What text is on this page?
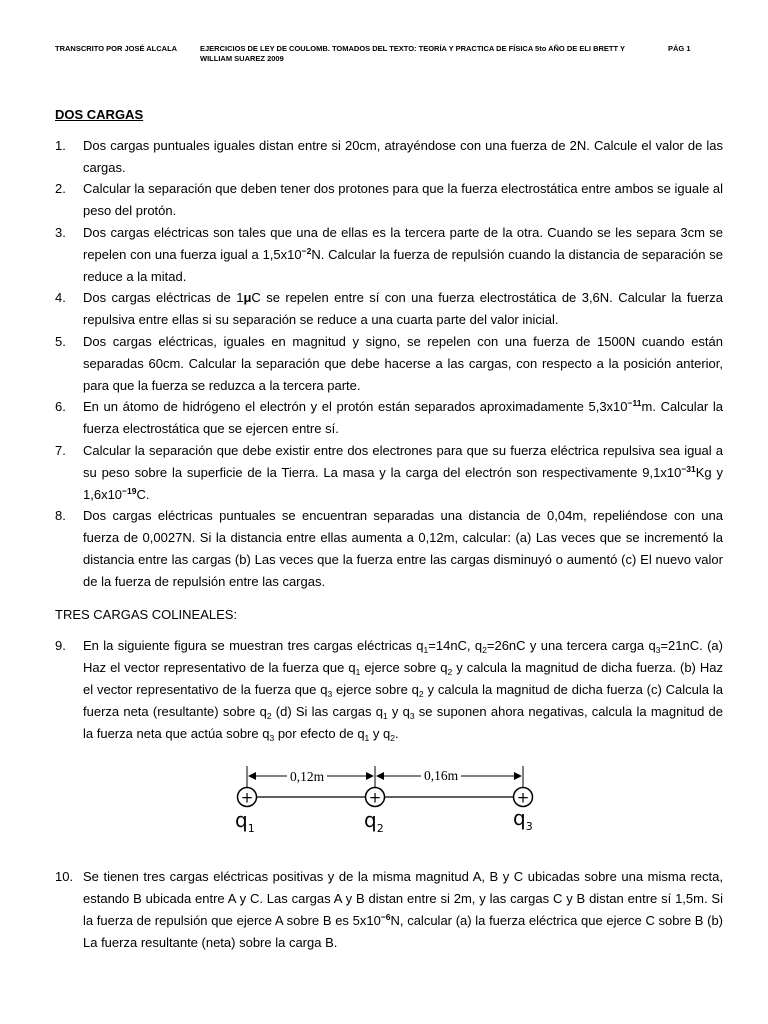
TRANSCRITO POR JOSÉ ALCALA	EJERCICIOS DE LEY DE COULOMB. TOMADOS DEL TEXTO: TEORÍA Y PRACTICA DE FÍSICA 5to AÑO DE ELI BRETT Y
WILLIAM SUAREZ 2009
PÁG 1
DOS CARGAS
1. Dos cargas puntuales iguales distan entre si 20cm, atrayéndose con una fuerza de 2N. Calcule el valor de las cargas.
2. Calcular la separación que deben tener dos protones para que la fuerza electrostática entre ambos se iguale al peso del protón.
3. Dos cargas eléctricas son tales que una de ellas es la tercera parte de la otra. Cuando se les separa 3cm se repelen con una fuerza igual a $1,5x10^{-2}N$. Calcular la fuerza de repulsión cuando la distancia de separación se reduce a la mitad.
4. Dos cargas eléctricas de 1μC se repelen entre sí con una fuerza electrostática de 3,6N. Calcular la fuerza repulsiva entre ellas si su separación se reduce a una cuarta parte del valor inicial.
5. Dos cargas eléctricas, iguales en magnitud y signo, se repelen con una fuerza de 1500N cuando están separadas 60cm. Calcular la separación que debe hacerse a las cargas, con respecto a la posición anterior, para que la fuerza se reduzca a la tercera parte.
6. En un átomo de hidrógeno el electrón y el protón están separados aproximadamente $5,3x10^{-11}m$. Calcular la fuerza electrostática que se ejercen entre sí.
7. Calcular la separación que debe existir entre dos electrones para que su fuerza eléctrica repulsiva sea igual a su peso sobre la superficie de la Tierra. La masa y la carga del electrón son respectivamente $9,1x10^{-31}Kg$ y $1,6x10^{-19}C$.
8. Dos cargas eléctricas puntuales se encuentran separadas una distancia de 0,04m, repeliéndose con una fuerza de 0,0027N. Si la distancia entre ellas aumenta a 0,12m, calcular: (a) Las veces que se incrementó la distancia entre las cargas (b) Las veces que la fuerza entre las cargas disminuyó o aumentó (c) El nuevo valor de la fuerza de repulsión entre las cargas.
TRES CARGAS COLINEALES:
9. En la siguiente figura se muestran tres cargas eléctricas $q_1=14nC$, $q_2=26nC$ y una tercera carga $q_3=21nC$. (a) Haz el vector representativo de la fuerza que $q_1$ ejerce sobre $q_2$ y calcula la magnitud de dicha fuerza. (b) Haz el vector representativo de la fuerza que $q_3$ ejerce sobre $q_2$ y calcula la magnitud de dicha fuerza (c) Calcula la fuerza neta (resultante) sobre $q_2$ (d) Si las cargas $q_1$ y $q_3$ se suponen ahora negativas, calcula la magnitud de la fuerza neta que actúa sobre $q_3$ por efecto de $q_1$ y $q_2$.
+	+	+
0,12m	0,16m
$q_1$	$q_2$	$q_3$
10. Se tienen tres cargas eléctricas positivas y de la misma magnitud A, B y C ubicadas sobre una misma recta, estando B ubicada entre A y C. Las cargas A y B distan entre si 2m, y las cargas C y B distan entre sí 1,5m. Si la fuerza de repulsión que ejerce A sobre B es $5x10^{-6}N$, calcular (a) la fuerza eléctrica que ejerce C sobre B (b) La fuerza resultante (neta) sobre la carga B.
